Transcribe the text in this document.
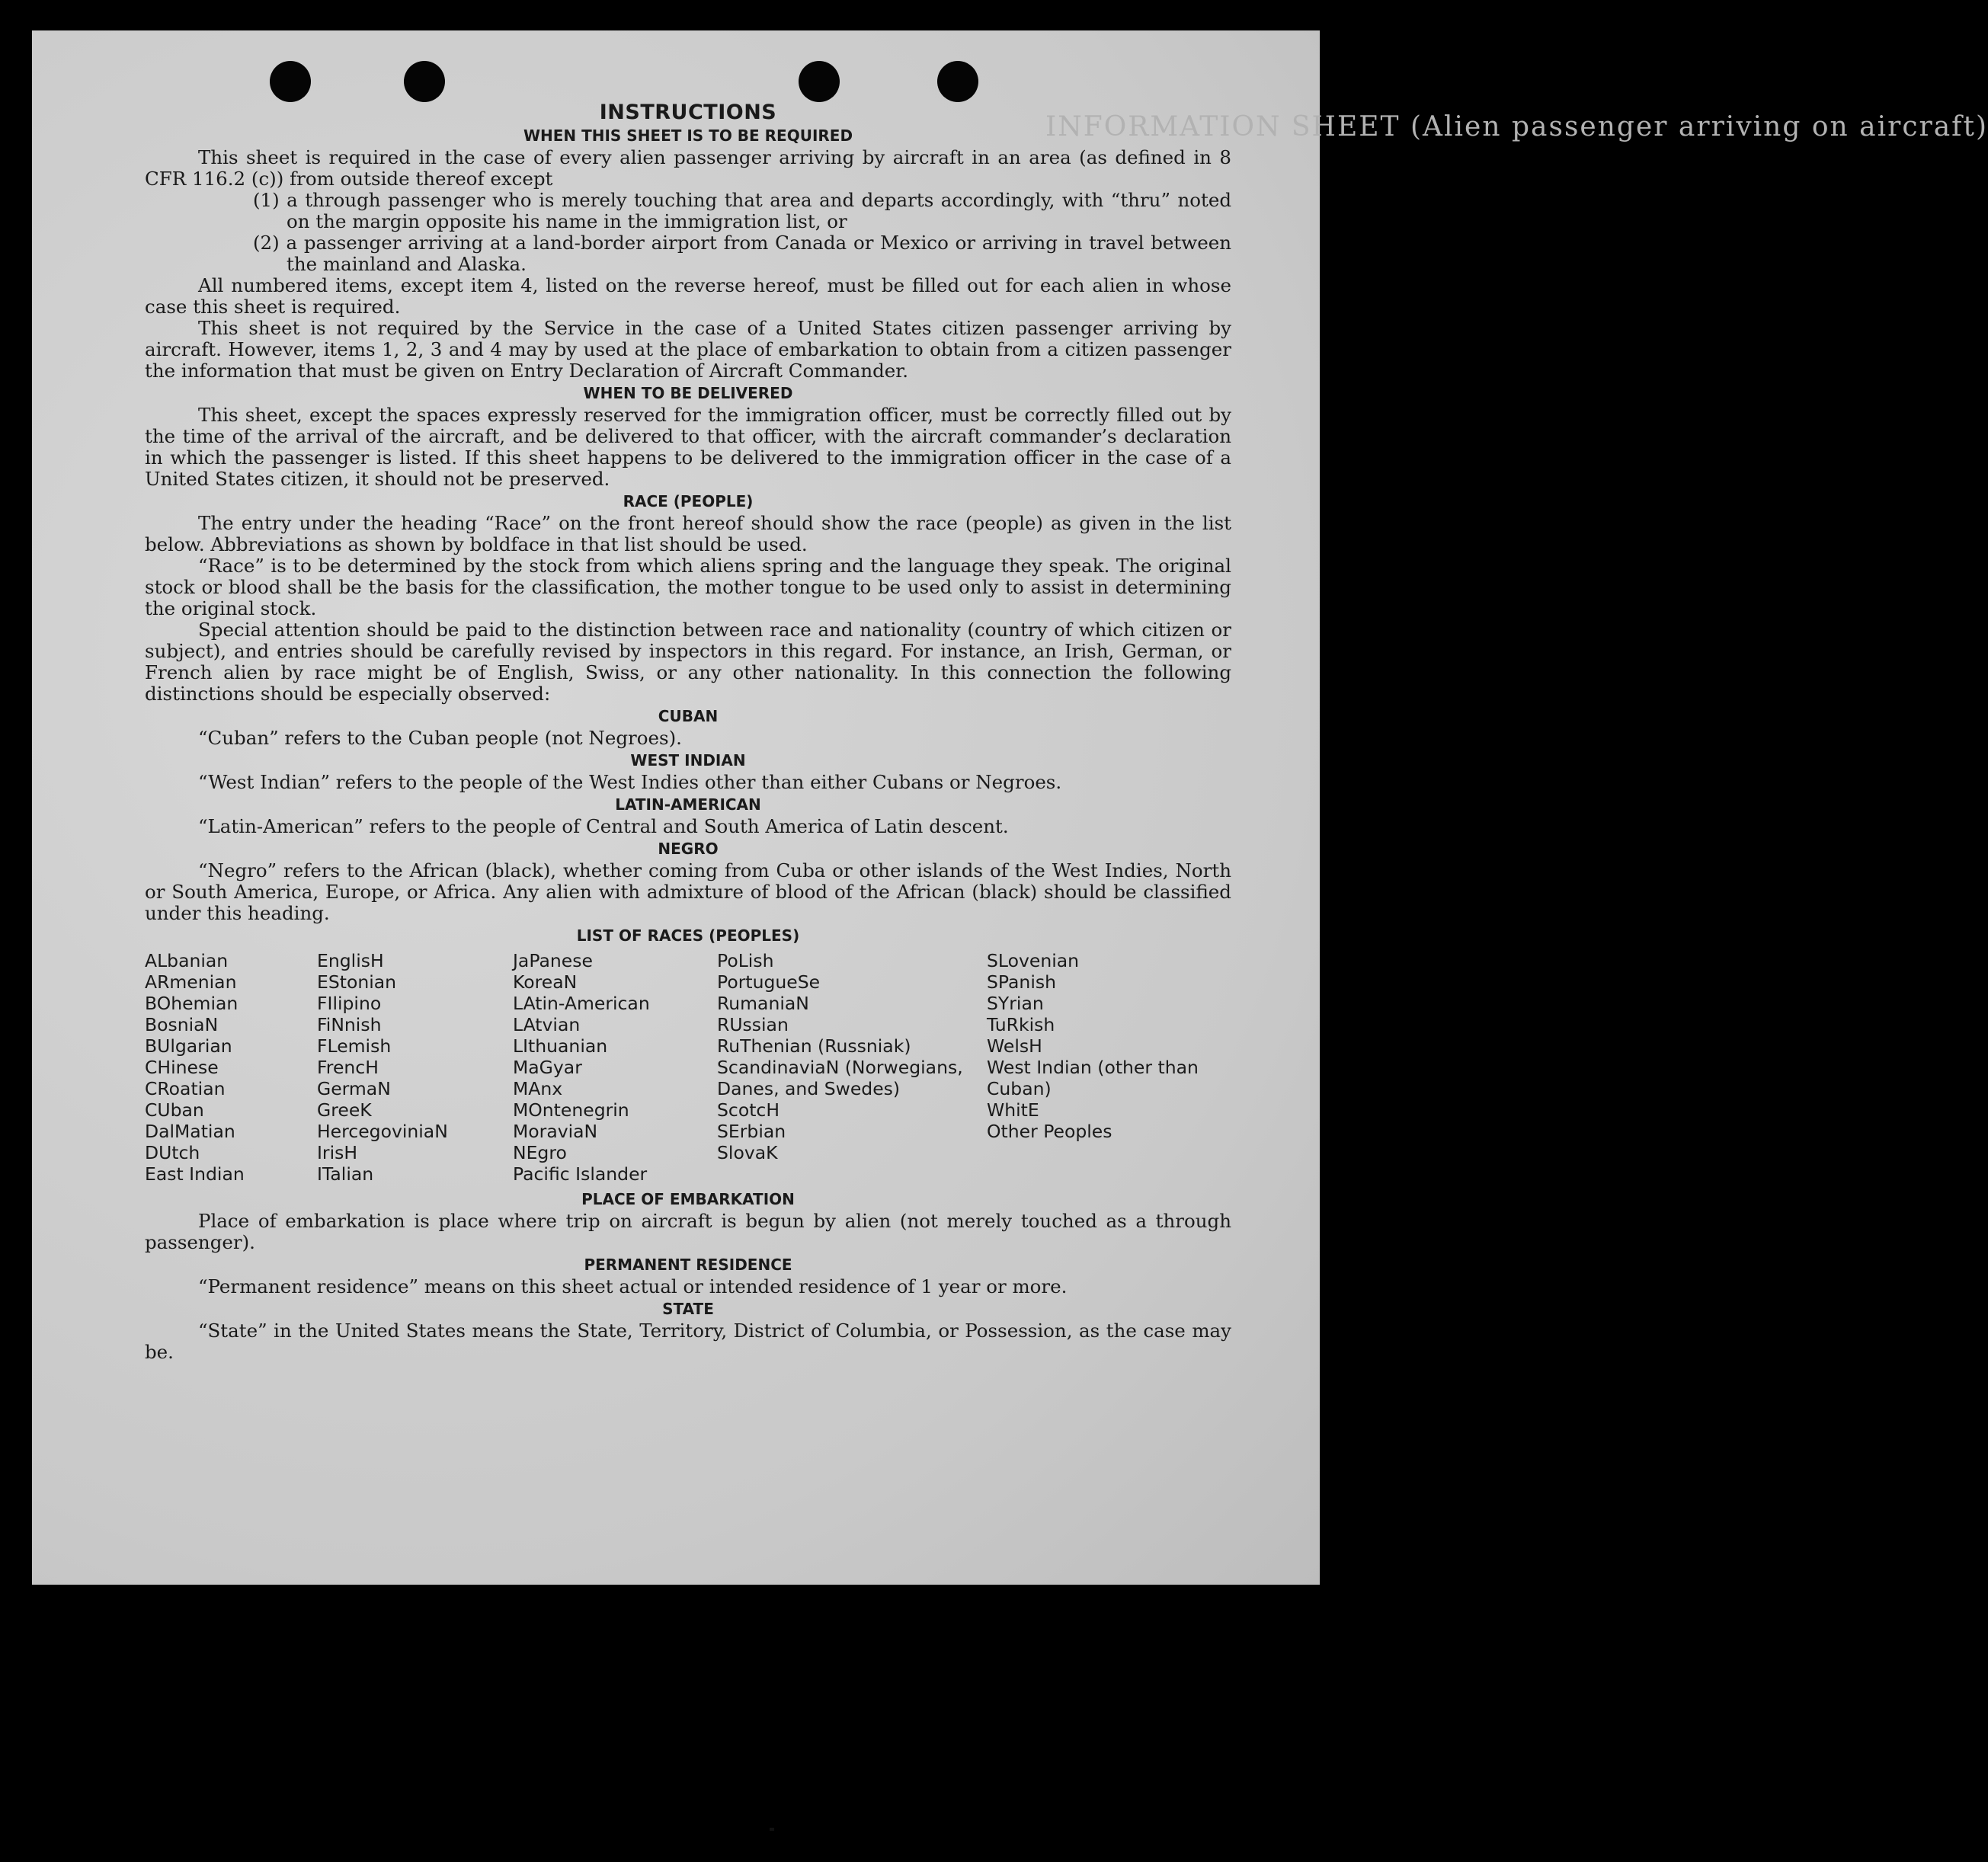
INFORMATION SHEET (Alien passenger arriving on aircraft)
INSTRUCTIONS
WHEN THIS SHEET IS TO BE REQUIRED

This sheet is required in the case of every alien passenger arriving by aircraft in an area (as defined in 8 CFR 116.2 (c)) from outside thereof except

(1) a through passenger who is merely touching that area and departs accordingly, with “thru” noted on the margin opposite his name in the immigration list, or
(2) a passenger arriving at a land-border airport from Canada or Mexico or arriving in travel between the mainland and Alaska.

All numbered items, except item 4, listed on the reverse hereof, must be filled out for each alien in whose case this sheet is required.

This sheet is not required by the Service in the case of a United States citizen passenger arriving by aircraft. However, items 1, 2, 3 and 4 may by used at the place of embarkation to obtain from a citizen passenger the information that must be given on Entry Declaration of Aircraft Commander.

WHEN TO BE DELIVERED

This sheet, except the spaces expressly reserved for the immigration officer, must be correctly filled out by the time of the arrival of the aircraft, and be delivered to that officer, with the aircraft commander’s declaration in which the passenger is listed. If this sheet happens to be delivered to the immigration officer in the case of a United States citizen, it should not be preserved.

RACE (PEOPLE)

The entry under the heading “Race” on the front hereof should show the race (people) as given in the list below. Abbreviations as shown by boldface in that list should be used.

“Race” is to be determined by the stock from which aliens spring and the language they speak. The original stock or blood shall be the basis for the classification, the mother tongue to be used only to assist in determining the original stock.

Special attention should be paid to the distinction between race and nationality (country of which citizen or subject), and entries should be carefully revised by inspectors in this regard. For instance, an Irish, German, or French alien by race might be of English, Swiss, or any other nationality. In this connection the following distinctions should be especially observed:

CUBAN

“Cuban” refers to the Cuban people (not Negroes).

WEST INDIAN

“West Indian” refers to the people of the West Indies other than either Cubans or Negroes.

LATIN-AMERICAN

“Latin-American” refers to the people of Central and South America of Latin descent.

NEGRO

“Negro” refers to the African (black), whether coming from Cuba or other islands of the West Indies, North or South America, Europe, or Africa. Any alien with admixture of blood of the African (black) should be classified under this heading.

LIST OF RACES (PEOPLES)
ALbanian
ARmenian
BOhemian
BosniaN
BUlgarian
CHinese
CRoatian
CUban
DalMatian
DUtch
East Indian
EnglisH
EStonian
FIlipino
FiNnish
FLemish
FrencH
GermaN
GreeK
HercegoviniaN
IrisH
ITalian
JaPanese
KoreaN
LAtin-American
LAtvian
LIthuanian
MaGyar
MAnx
MOntenegrin
MoraviaN
NEgro
Pacific Islander
PoLish
PortugueSe
RumaniaN
RUssian
RuThenian (Russniak)
ScandinaviaN (Norwegians, Danes, and Swedes)
ScotcH
SErbian
SlovaK
SLovenian
SPanish
SYrian
TuRkish
WelsH
West Indian (other than Cuban)
WhitE
Other Peoples
PLACE OF EMBARKATION

Place of embarkation is place where trip on aircraft is begun by alien (not merely touched as a through passenger).

PERMANENT RESIDENCE

“Permanent residence” means on this sheet actual or intended residence of 1 year or more.

STATE

“State” in the United States means the State, Territory, District of Columbia, or Possession, as the case may be.
